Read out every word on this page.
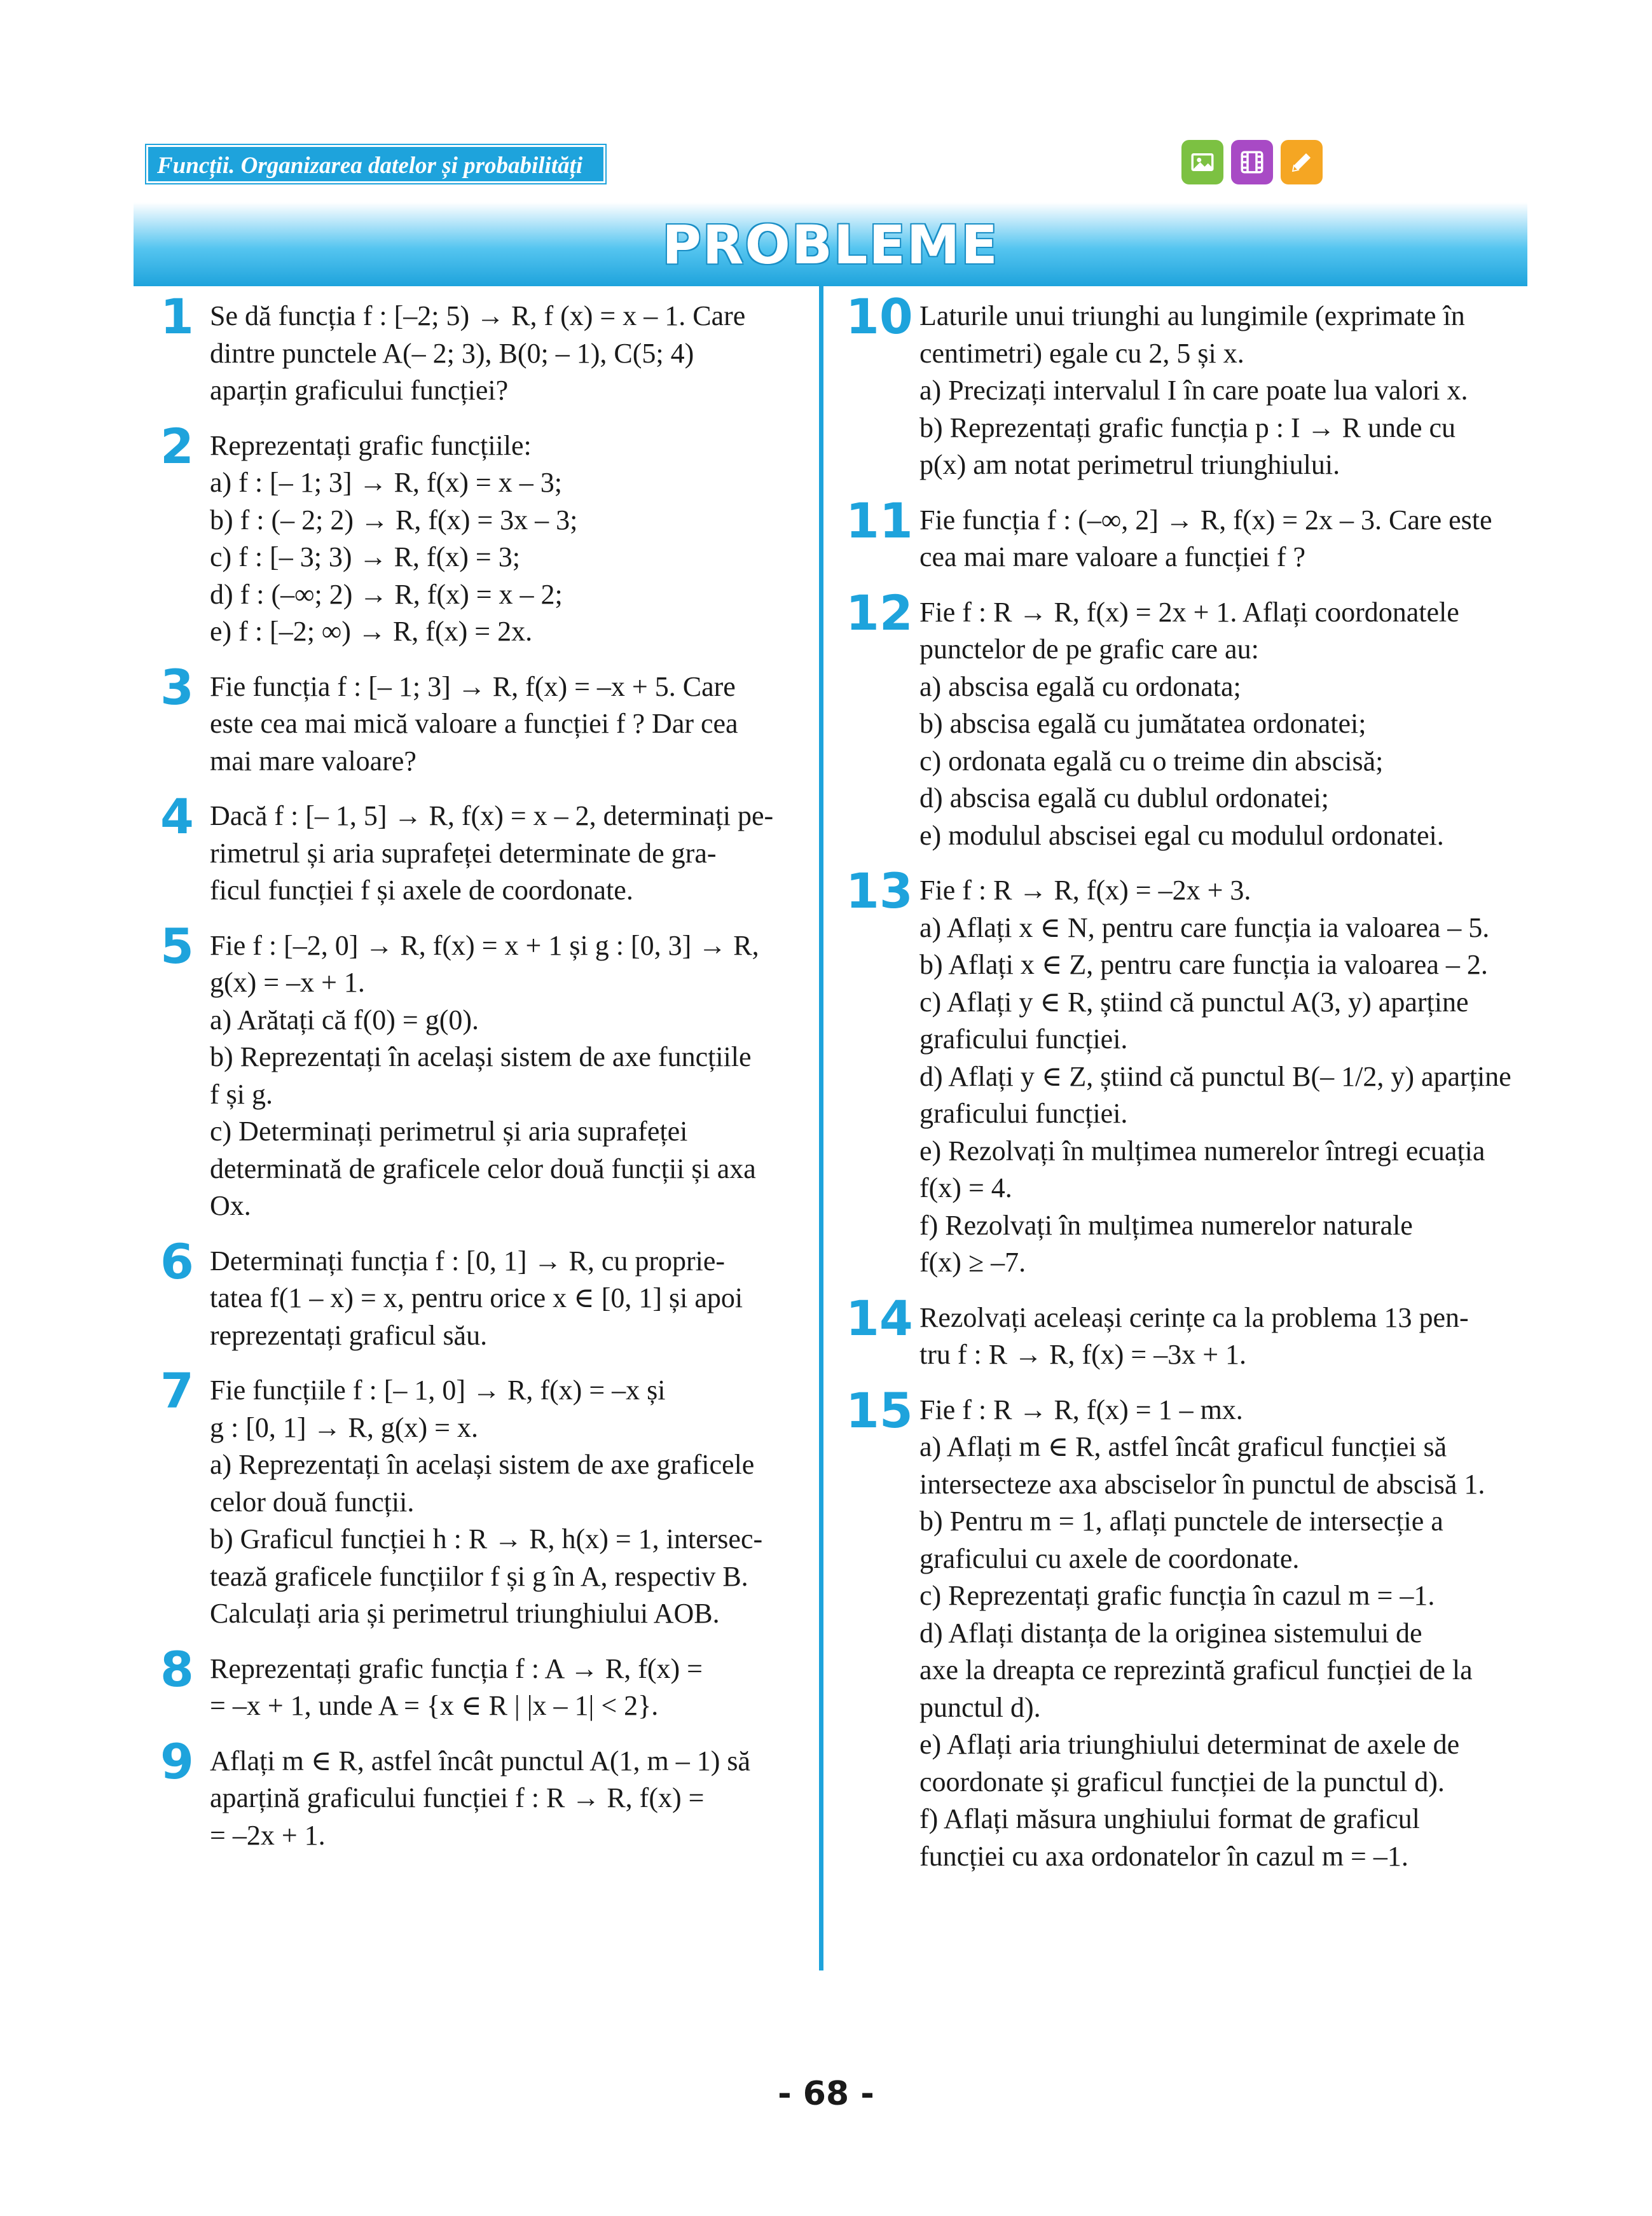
Funcții. Organizarea datelor și probabilități
PROBLEME
1 Se dă funcția f : [–2; 5) → R, f (x) = x – 1. Care
dintre punctele A(– 2; 3), B(0; – 1), C(5; 4)
aparțin graficului funcției?
2 Reprezentați grafic funcțiile:
a) f : [– 1; 3] → R, f(x) = x – 3;
b) f : (– 2; 2) → R, f(x) = 3x – 3;
c) f : [– 3; 3) → R, f(x) = 3;
d) f : (–∞; 2) → R, f(x) = x – 2;
e) f : [–2; ∞) → R, f(x) = 2x.
3 Fie funcția f : [– 1; 3] → R, f(x) = –x + 5. Care
este cea mai mică valoare a funcției f ? Dar cea
mai mare valoare?
4 Dacă f : [– 1, 5] → R, f(x) = x – 2, determinați pe-
rimetrul și aria suprafeței determinate de gra-
ficul funcției f și axele de coordonate.
5 Fie f : [–2, 0] → R, f(x) = x + 1 și g : [0, 3] → R,
g(x) = –x + 1.
a) Arătați că f(0) = g(0).
b) Reprezentați în același sistem de axe funcțiile
f și g.
c) Determinați perimetrul și aria suprafeței
determinată de graficele celor două funcții și axa
Ox.
6 Determinați funcția f : [0, 1] → R, cu proprie-
tatea f(1 – x) = x, pentru orice x ∈ [0, 1] și apoi
reprezentați graficul său.
7 Fie funcțiile f : [– 1, 0] → R, f(x) = –x și
g : [0, 1] → R, g(x) = x.
a) Reprezentați în același sistem de axe graficele
celor două funcții.
b) Graficul funcției h : R → R, h(x) = 1, intersec-
tează graficele funcțiilor f și g în A, respectiv B.
Calculați aria și perimetrul triunghiului AOB.
8 Reprezentați grafic funcția f : A → R, f(x) =
= –x + 1, unde A = {x ∈ R | |x – 1| < 2}.
9 Aflați m ∈ R, astfel încât punctul A(1, m – 1) să
aparțină graficului funcției f : R → R, f(x) =
= –2x + 1.
10 Laturile unui triunghi au lungimile (exprimate în
centimetri) egale cu 2, 5 și x.
a) Precizați intervalul I în care poate lua valori x.
b) Reprezentați grafic funcția p : I → R unde cu
p(x) am notat perimetrul triunghiului.
11 Fie funcția f : (–∞, 2] → R, f(x) = 2x – 3. Care este
cea mai mare valoare a funcției f ?
12 Fie f : R → R, f(x) = 2x + 1. Aflați coordonatele
punctelor de pe grafic care au:
a) abscisa egală cu ordonata;
b) abscisa egală cu jumătatea ordonatei;
c) ordonata egală cu o treime din abscisă;
d) abscisa egală cu dublul ordonatei;
e) modulul abscisei egal cu modulul ordonatei.
13 Fie f : R → R, f(x) = –2x + 3.
a) Aflați x ∈ N, pentru care funcția ia valoarea – 5.
b) Aflați x ∈ Z, pentru care funcția ia valoarea – 2.
c) Aflați y ∈ R, știind că punctul A(3, y) aparține
graficului funcției.
d) Aflați y ∈ Z, știind că punctul B(– 1/2, y) aparține
graficului funcției.
e) Rezolvați în mulțimea numerelor întregi ecuația
f(x) = 4.
f) Rezolvați în mulțimea numerelor naturale
f(x) ≥ –7.
14 Rezolvați aceleași cerințe ca la problema 13 pen-
tru f : R → R, f(x) = –3x + 1.
15 Fie f : R → R, f(x) = 1 – mx.
a) Aflați m ∈ R, astfel încât graficul funcției să
intersecteze axa absciselor în punctul de abscisă 1.
b) Pentru m = 1, aflați punctele de intersecție a
graficului cu axele de coordonate.
c) Reprezentați grafic funcția în cazul m = –1.
d) Aflați distanța de la originea sistemului de
axe la dreapta ce reprezintă graficul funcției de la
punctul d).
e) Aflați aria triunghiului determinat de axele de
coordonate și graficul funcției de la punctul d).
f) Aflați măsura unghiului format de graficul
funcției cu axa ordonatelor în cazul m = –1.
- 68 -
